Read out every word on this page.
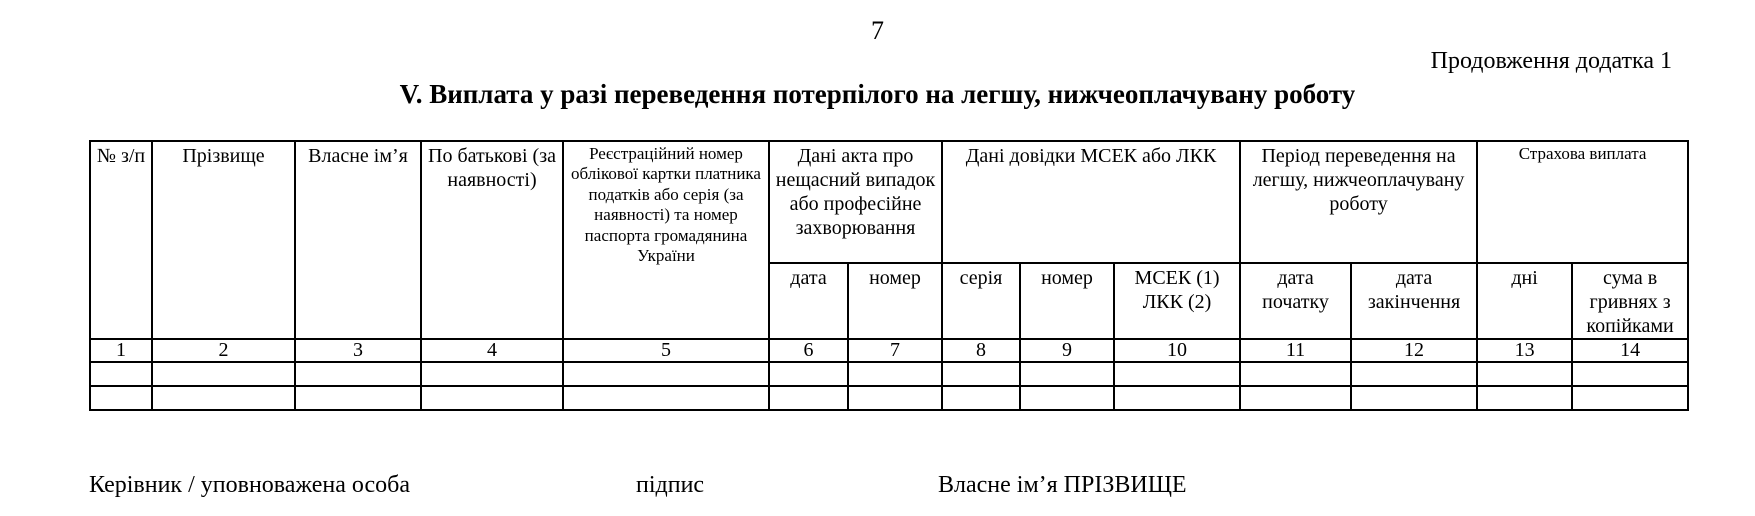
7
Продовження додатка 1
V. Виплата у разі переведення потерпілого на легшу, нижчеоплачувану роботу
№ з/п	Прізвище	Власне ім’я	По батькові (за наявності)	Реєстраційний номер облікової картки платника податків або серія (за наявності) та номер паспорта громадянина України	Дані акта про нещасний випадок або професійне захворювання		Дані довідки МСЕК або ЛКК			Період переведення на легшу, нижчеоплачувану роботу		Страхова виплата	
					дата	номер	серія	номер	МСЕК (1) ЛКК (2)	дата початку	дата закінчення	дні	сума в гривнях з копійками
1	2	3	4	5	6	7	8	9	10	11	12	13	14

Керівник / уповноважена особа	підпис	Власне ім’я ПРІЗВИЩЕ
